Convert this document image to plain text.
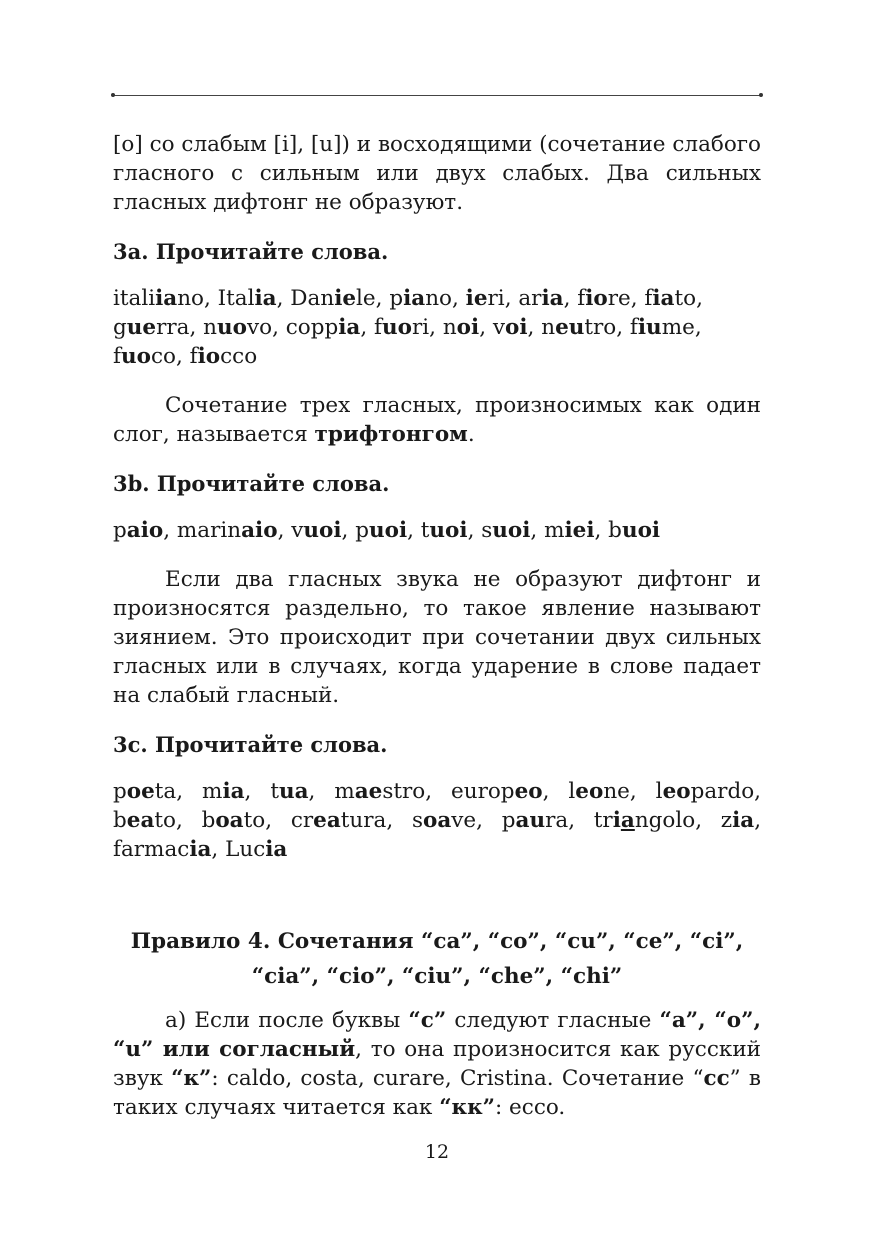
[o] со слабым [i], [u]) и восходящими (сочетание слабого гласного с сильным или двух слабых. Два сильных гласных дифтонг не образуют.

3a. Прочитайте слова.

italiiano, Italia, Daniele, piano, ieri, aria, fiore, fiato, guerra, nuovo, coppia, fuori, noi, voi, neutro, fiume, fuoco, fiocco

Сочетание трех гласных, произносимых как один слог, называется трифтонгом.

3b. Прочитайте слова.

paio, marinaio, vuoi, puoi, tuoi, suoi, miei, buoi

Если два гласных звука не образуют дифтонг и произносятся раздельно, то такое явление называют зиянием. Это происходит при сочетании двух сильных гласных или в случаях, когда ударение в слове падает на слабый гласный.

3c. Прочитайте слова.

poeta, mia, tua, maestro, europeo, leone, leopardo, beato, boato, creatura, soave, paura, triangolo, zia, farmacia, Lucia

Правило 4. Сочетания “ca”, “co”, “cu”, “ce”, “ci”,
“cia”, “cio”, “ciu”, “che”, “chi”

а) Если после буквы “c” следуют гласные “a”, “o”, “u” или согласный, то она произносится как русский звук “к”: caldo, costa, curare, Cristina. Сочетание “cc” в таких случаях читается как “кк”: ecco.

12
